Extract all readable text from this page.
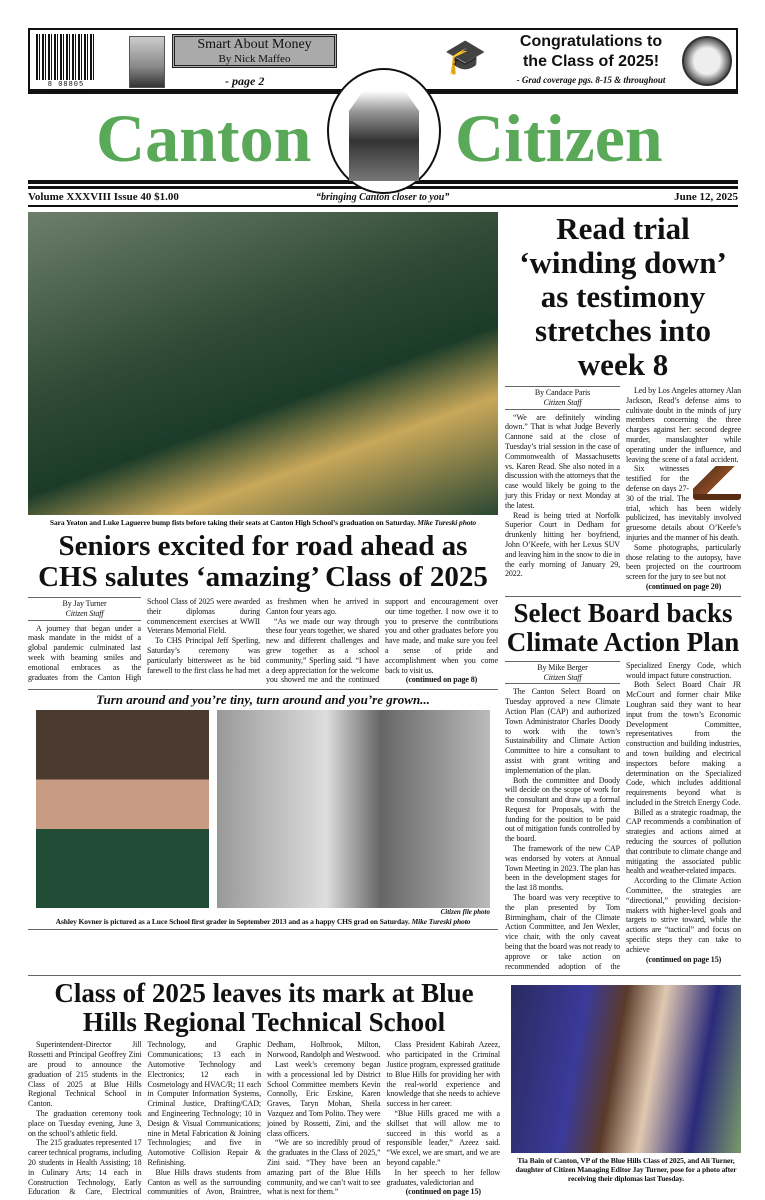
8 08805 93080 1
Smart About Money
By Nick Maffeo
- page 2
🎓	Congratulations to
the Class of 2025!
- Grad coverage pgs. 8-15 & throughout
Canton Citizen
Volume XXXVIII Issue 40 $1.00	“bringing Canton closer to you”	June 12, 2025
Sara Yeaton and Luke Laguerre bump fists before taking their seats at Canton High School’s graduation on Saturday. Mike Tureski photo
Seniors excited for road ahead as CHS salutes ‘amazing’ Class of 2025
By Jay Turner
Citizen Staff

A journey that began under a mask mandate in the midst of a global pandemic culminated last week with beaming smiles and emotional embraces as the graduates from the Canton High School Class of 2025 were awarded their diplomas during commencement exercises at WWII Veterans Memorial Field.

To CHS Principal Jeff Sperling, Saturday’s ceremony was particularly bittersweet as he bid farewell to the first class he had met as freshmen when he arrived in Canton four years ago.

“As we made our way through these four years together, we shared new and different challenges and grew together as a school community,” Sperling said. “I have a deep appreciation for the welcome you showed me and the continued support and encouragement over our time together. I now owe it to you to preserve the contributions you and other graduates before you have made, and make sure you feel a sense of pride and accomplishment when you come back to visit us.

(continued on page 8)

Turn around and you’re tiny, turn around and you’re grown...
Citizen file photo
Ashley Kovner is pictured as a Luce School first grader in September 2013 and as a happy CHS grad on Saturday. Mike Tureski photo
Read trial ‘winding down’ as testimony stretches into week 8
By Candace Paris
Citizen Staff

“We are definitely winding down.” That is what Judge Beverly Cannone said at the close of Tuesday’s trial session in the case of Commonwealth of Massachusetts vs. Karen Read. She also noted in a discussion with the attorneys that the case would likely be going to the jury this Friday or next Monday at the latest.

Read is being tried at Norfolk Superior Court in Dedham for drunkenly hitting her boyfriend, John O’Keefe, with her Lexus SUV and leaving him in the snow to die in the early morning of January 29, 2022.

Led by Los Angeles attorney Alan Jackson, Read’s defense aims to cultivate doubt in the minds of jury members concerning the three charges against her: second degree murder, manslaughter while operating under the influence, and leaving the scene of a fatal accident.

Six witnesses testified for the defense on days 27-30 of the trial. The trial, which has been widely publicized, has inevitably involved gruesome details about O’Keefe’s injuries and the manner of his death.

Some photographs, particularly those relating to the autopsy, have been projected on the courtroom screen for the jury to see but not

(continued on page 20)

Select Board backs Climate Action Plan
By Mike Berger
Citizen Staff

The Canton Select Board on Tuesday approved a new Climate Action Plan (CAP) and authorized Town Administrator Charles Doody to work with the town’s Sustainability and Climate Action Committee to hire a consultant to assist with grant writing and implementation of the plan.

Both the committee and Doody will decide on the scope of work for the consultant and draw up a formal Request for Proposals, with the funding for the position to be paid out of mitigation funds controlled by the board.

The framework of the new CAP was endorsed by voters at Annual Town Meeting in 2023. The plan has been in the development stages for the last 18 months.

The board was very receptive to the plan presented by Tom Birmingham, chair of the Climate Action Committee, and Jen Wexler, vice chair, with the only caveat being that the board was not ready to approve or take action on recommended adoption of the Specialized Energy Code, which would impact future construction.

Both Select Board Chair JR McCourt and former chair Mike Loughran said they want to hear input from the town’s Economic Development Committee, representatives from the construction and building industries, and town building and electrical inspectors before making a determination on the Specialized Code, which includes additional requirements beyond what is included in the Stretch Energy Code.

Billed as a strategic roadmap, the CAP recommends a combination of strategies and actions aimed at reducing the sources of pollution that contribute to climate change and mitigating the associated public health and weather-related impacts.

According to the Climate Action Committee, the strategies are “directional,” providing decision-makers with higher-level goals and targets to strive toward, while the actions are “tactical” and focus on specific steps they can take to achieve

(continued on page 15)

Class of 2025 leaves its mark at Blue Hills Regional Technical School

Superintendent-Director Jill Rossetti and Principal Geoffrey Zini are proud to announce the graduation of 215 students in the Class of 2025 at Blue Hills Regional Technical School in Canton.

The graduation ceremony took place on Tuesday evening, June 3, on the school’s athletic field.

The 215 graduates represented 17 career technical programs, including 20 students in Health Assisting; 18 in Culinary Arts; 14 each in Construction Technology, Early Education & Care, Electrical Technology, and Graphic Communications; 13 each in Automotive Technology and Electronics; 12 each in Cosmetology and HVAC/R; 11 each in Computer Information Systems, Criminal Justice, Drafting/CAD; and Engineering Technology; 10 in Design & Visual Communications; nine in Metal Fabrication & Joining Technologies; and five in Automotive Collision Repair & Refinishing.

Blue Hills draws students from Canton as well as the surrounding communities of Avon, Braintree, Dedham, Holbrook, Milton, Norwood, Randolph and Westwood.

Last week’s ceremony began with a processional led by District School Committee members Kevin Connolly, Eric Erskine, Karen Graves, Taryn Mohan, Sheila Vazquez and Tom Polito. They were joined by Rossetti, Zini, and the class officers.

“We are so incredibly proud of the graduates in the Class of 2025,” Zini said. “They have been an amazing part of the Blue Hills community, and we can’t wait to see what is next for them.”

Class President Kabirah Azeez, who participated in the Criminal Justice program, expressed gratitude to Blue Hills for providing her with the real-world experience and knowledge that she needs to achieve success in her career.

“Blue Hills graced me with a skillset that will allow me to succeed in this world as a responsible leader,” Azeez said. “We excel, we are smart, and we are beyond capable.”

In her speech to her fellow graduates, valedictorian and

(continued on page 15)

Tia Bain of Canton, VP of the Blue Hills Class of 2025, and Ali Turner, daughter of Citizen Managing Editor Jay Turner, pose for a photo after receiving their diplomas last Tuesday.
